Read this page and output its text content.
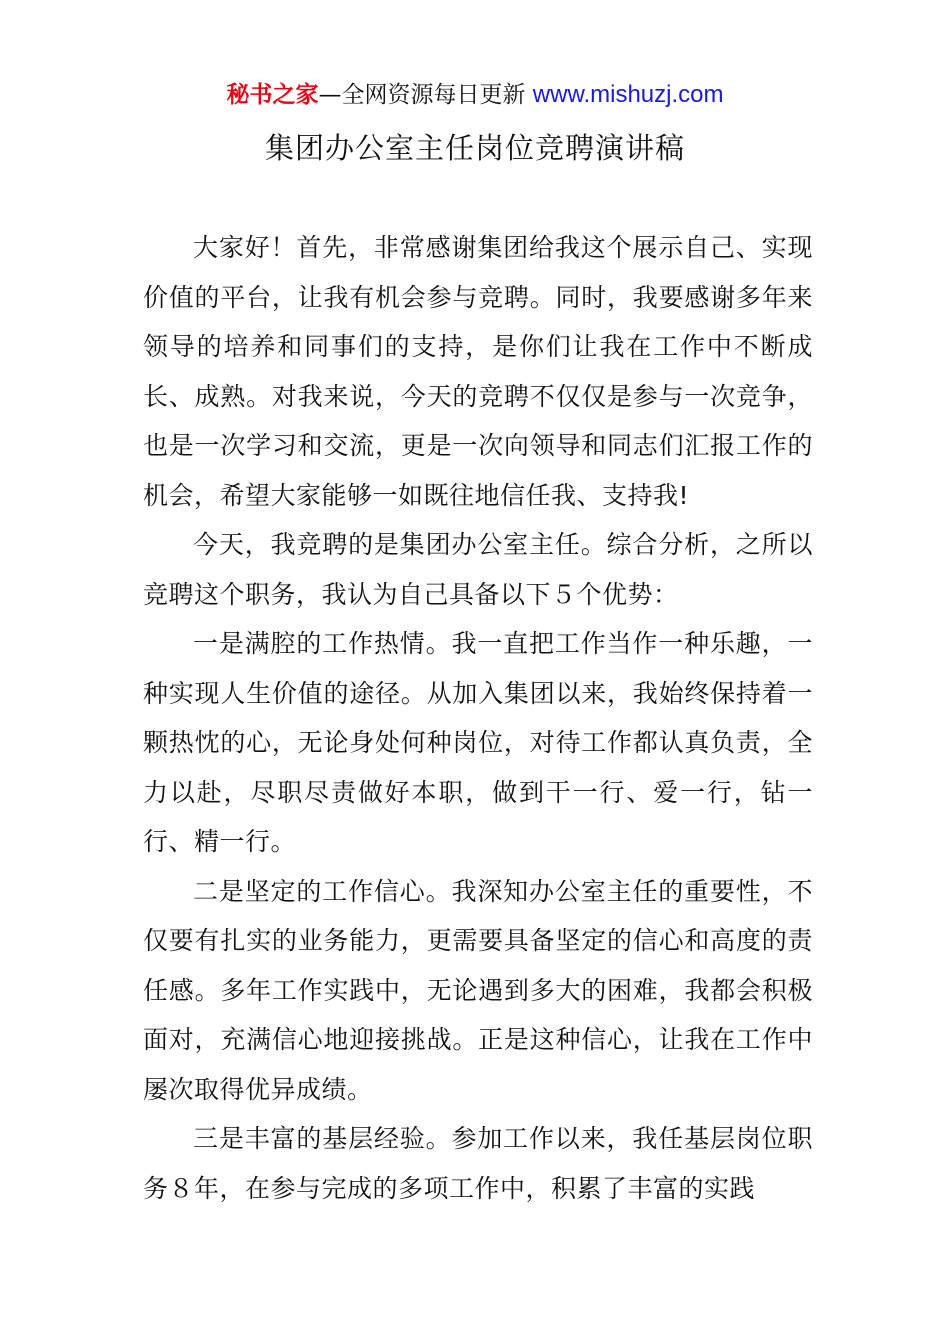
秘书之家—全网资源每日更新 www.mishuzj.com
集团办公室主任岗位竞聘演讲稿

大家好！首先，非常感谢集团给我这个展示自己、实现价值的平台，让我有机会参与竞聘。同时，我要感谢多年来领导的培养和同事们的支持，是你们让我在工作中不断成长、成熟。对我来说，今天的竞聘不仅仅是参与一次竞争，也是一次学习和交流，更是一次向领导和同志们汇报工作的机会，希望大家能够一如既往地信任我、支持我!

今天，我竞聘的是集团办公室主任。综合分析，之所以竞聘这个职务，我认为自己具备以下５个优势：

一是满腔的工作热情。我一直把工作当作一种乐趣，一种实现人生价值的途径。从加入集团以来，我始终保持着一颗热忱的心，无论身处何种岗位，对待工作都认真负责，全力以赴，尽职尽责做好本职，做到干一行、爱一行，钻一行、精一行。

二是坚定的工作信心。我深知办公室主任的重要性，不仅要有扎实的业务能力，更需要具备坚定的信心和高度的责任感。多年工作实践中，无论遇到多大的困难，我都会积极面对，充满信心地迎接挑战。正是这种信心，让我在工作中屡次取得优异成绩。

三是丰富的基层经验。参加工作以来，我任基层岗位职务８年，在参与完成的多项工作中，积累了丰富的实践
